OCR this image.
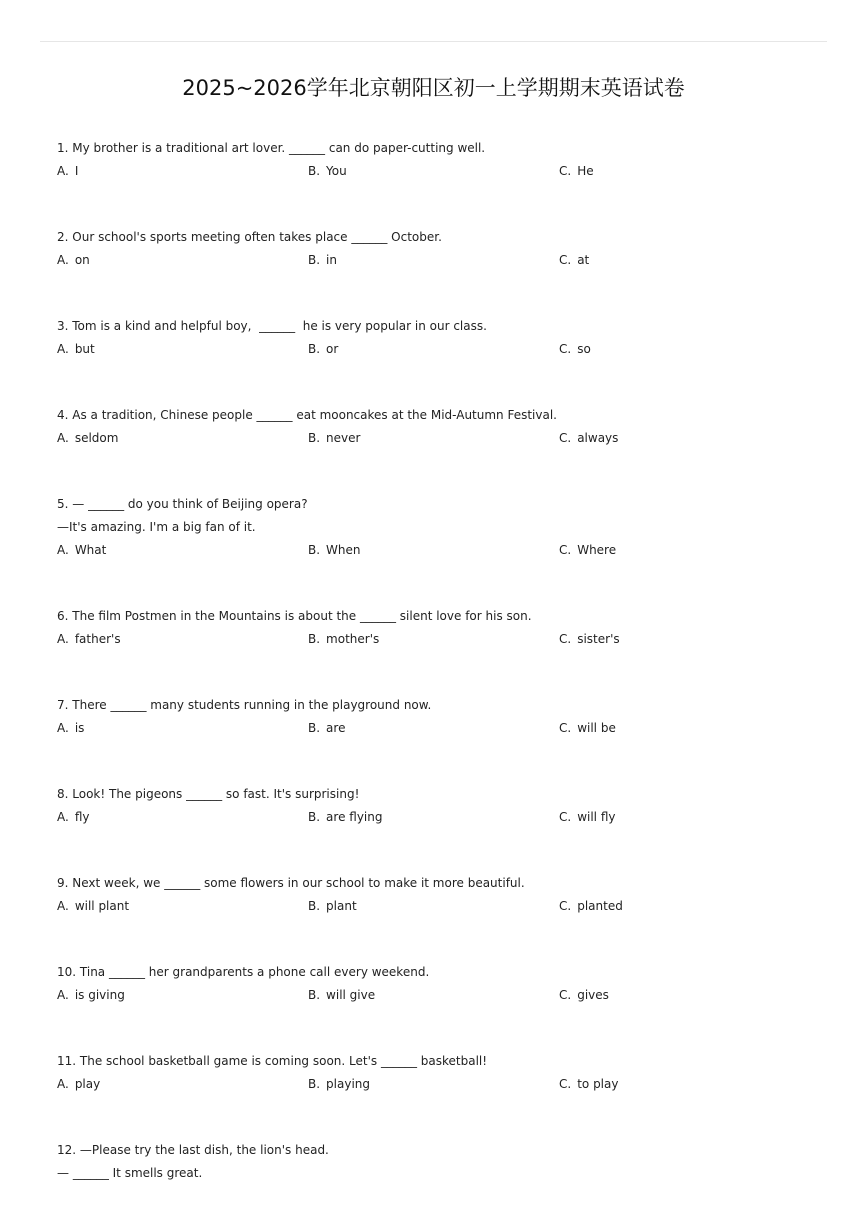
2025~2026学年北京朝阳区初一上学期期末英语试卷
1. My brother is a traditional art lover. ______ can do paper-cutting well.
A. I	B. You	C. He
2. Our school's sports meeting often takes place ______ October.
A. on	B. in	C. at
3. Tom is a kind and helpful boy,  ______  he is very popular in our class.
A. but	B. or	C. so
4. As a tradition, Chinese people ______ eat mooncakes at the Mid-Autumn Festival.
A. seldom	B. never	C. always
5. — ______ do you think of Beijing opera?
—It's amazing. I'm a big fan of it.
A. What	B. When	C. Where
6. The film Postmen in the Mountains is about the ______ silent love for his son.
A. father's	B. mother's	C. sister's
7. There ______ many students running in the playground now.
A. is	B. are	C. will be
8. Look! The pigeons ______ so fast. It's surprising!
A. fly	B. are flying	C. will fly
9. Next week, we ______ some flowers in our school to make it more beautiful.
A. will plant	B. plant	C. planted
10. Tina ______ her grandparents a phone call every weekend.
A. is giving	B. will give	C. gives
11. The school basketball game is coming soon. Let's ______ basketball!
A. play	B. playing	C. to play
12. —Please try the last dish, the lion's head.
— ______ It smells great.
